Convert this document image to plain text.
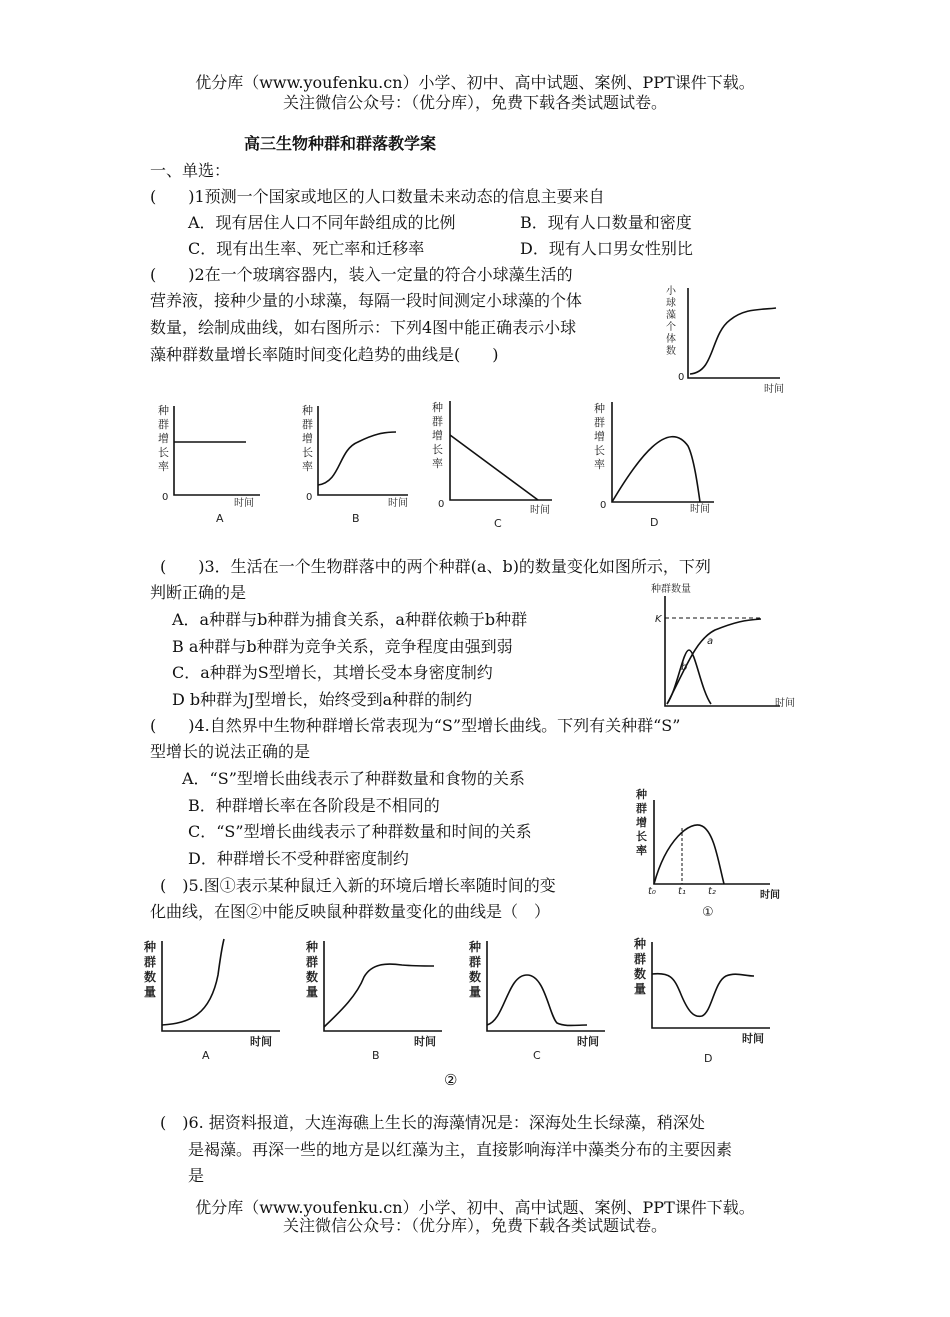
优分库（www.youfenku.cn）小学、初中、高中试题、案例、PPT课件下载。
关注微信公众号：（优分库），免费下载各类试题试卷。
高三生物种群和群落教学案
一、单选：
(　　)1预测一个国家或地区的人口数量未来动态的信息主要来自
A．现有居住人口不同年龄组成的比例	B．现有人口数量和密度
C．现有出生率、死亡率和迁移率	D．现有人口男女性别比
(　　)2在一个玻璃容器内，装入一定量的符合小球藻生活的
营养液，接种少量的小球藻，每隔一段时间测定小球藻的个体
数量，绘制成曲线，如右图所示：下列4图中能正确表示小球
藻种群数量增长率随时间变化趋势的曲线是(　　)
小
球
藻
个
体
数
0
时间
种
群
增
长
率
0
时间
A
种
群
增
长
率
0
时间
B
种
群
增
长
率
0
时间
C
种
群
增
长
率
0	时间
D
(　　)3．生活在一个生物群落中的两个种群(a、b)的数量变化如图所示，下列
判断正确的是
A．a种群与b种群为捕食关系，a种群依赖于b种群
B a种群与b种群为竞争关系，竞争程度由强到弱
C．a种群为S型增长，其增长受本身密度制约
D b种群为J型增长，始终受到a种群的制约
种群数量
K
a
b
时间
(　　)4.自然界中生物种群增长常表现为“S”型增长曲线。下列有关种群“S”
型增长的说法正确的是
A．“S”型增长曲线表示了种群数量和食物的关系
B．种群增长率在各阶段是不相同的
C．“S”型增长曲线表示了种群数量和时间的关系
D．种群增长不受种群密度制约
(　)5.图①表示某种鼠迁入新的环境后增长率随时间的变
化曲线，在图②中能反映鼠种群数量变化的曲线是（　）
种
群
增
长
率
t₀ t₁ t₂	时间
①
种
群
数
量
时间
A
种
群
数
量
时间
B
种
群
数
量
时间
C
种
群
数
量
时间
D
②
(　)6. 据资料报道，大连海礁上生长的海藻情况是：深海处生长绿藻，稍深处
是褐藻。再深一些的地方是以红藻为主，直接影响海洋中藻类分布的主要因素
是
优分库（www.youfenku.cn）小学、初中、高中试题、案例、PPT课件下载。
关注微信公众号：（优分库），免费下载各类试题试卷。
